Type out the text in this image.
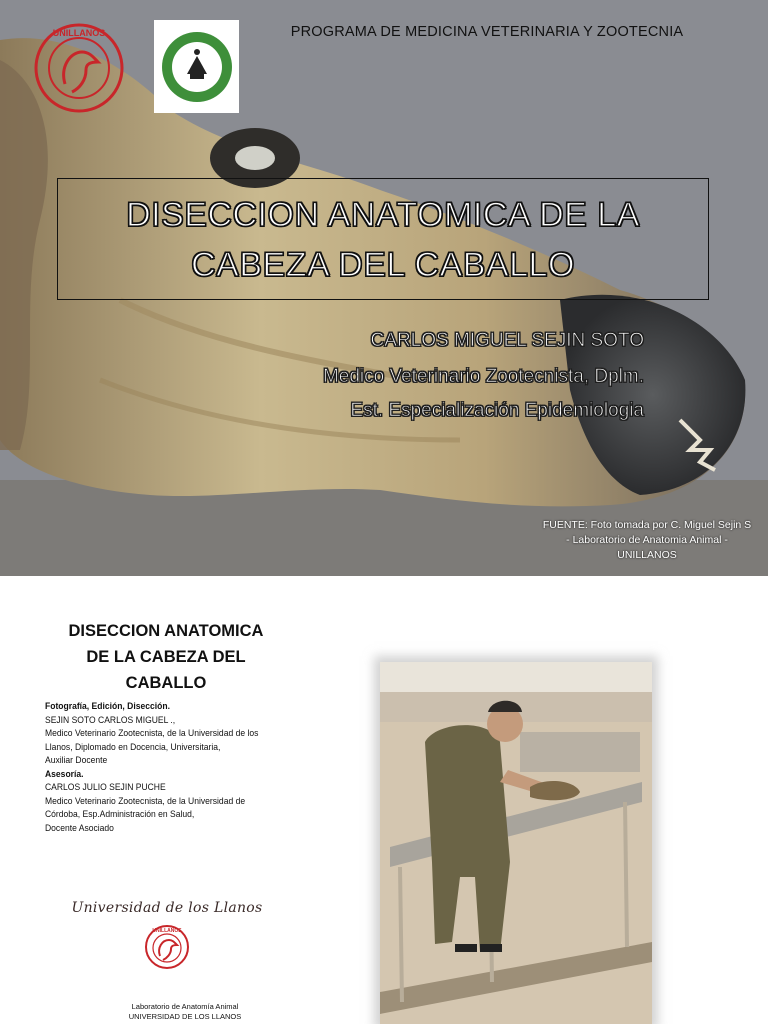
UNILLANOS	PROGRAMA DE MEDICINA VETERINARIA Y ZOOTECNIA
DISECCION ANATOMICA DE LA
CABEZA DEL CABALLO
CARLOS MIGUEL SEJIN SOTO
Medico Veterinario Zootecnista, Dplm.
Est. Especialización Epidemiologia
FUENTE: Foto tomada por C. Miguel Sejin S
- Laboratorio de Anatomia Animal -
UNILLANOS
DISECCION ANATOMICA
DE LA CABEZA DEL
CABALLO
Fotografía, Edición, Disección.
SEJIN SOTO CARLOS MIGUEL .,
Medico Veterinario Zootecnista, de la Universidad de los
Llanos, Diplomado en Docencia, Universitaria,
Auxiliar Docente
Asesoría.
CARLOS JULIO SEJIN PUCHE
Medico Veterinario Zootecnista, de la Universidad de
Córdoba, Esp.Administración en Salud,
Docente Asociado
Universidad de los Llanos
UNILLANOS
Laboratorio de Anatomía Animal
UNIVERSIDAD DE LOS LLANOS
